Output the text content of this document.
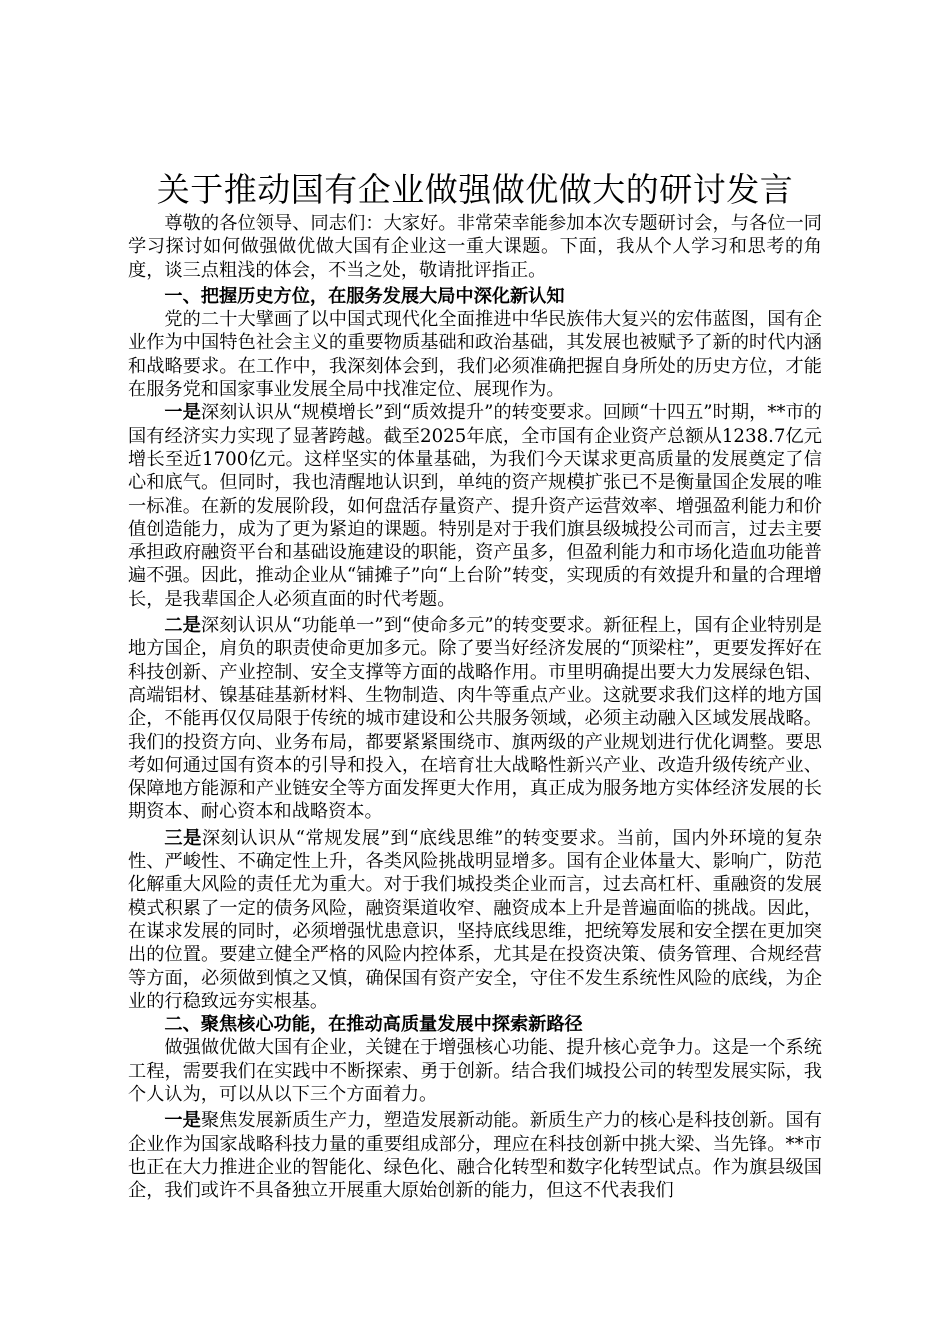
关于推动国有企业做强做优做大的研讨发言

尊敬的各位领导、同志们：大家好。非常荣幸能参加本次专题研讨会，与各位一同学习探讨如何做强做优做大国有企业这一重大课题。下面，我从个人学习和思考的角度，谈三点粗浅的体会，不当之处，敬请批评指正。

一、把握历史方位，在服务发展大局中深化新认知

党的二十大擘画了以中国式现代化全面推进中华民族伟大复兴的宏伟蓝图，国有企业作为中国特色社会主义的重要物质基础和政治基础，其发展也被赋予了新的时代内涵和战略要求。在工作中，我深刻体会到，我们必须准确把握自身所处的历史方位，才能在服务党和国家事业发展全局中找准定位、展现作为。

一是深刻认识从“规模增长”到“质效提升”的转变要求。回顾“十四五”时期，**市的国有经济实力实现了显著跨越。截至2025年底，全市国有企业资产总额从1238.7亿元增长至近1700亿元。这样坚实的体量基础，为我们今天谋求更高质量的发展奠定了信心和底气。但同时，我也清醒地认识到，单纯的资产规模扩张已不是衡量国企发展的唯一标准。在新的发展阶段，如何盘活存量资产、提升资产运营效率、增强盈利能力和价值创造能力，成为了更为紧迫的课题。特别是对于我们旗县级城投公司而言，过去主要承担政府融资平台和基础设施建设的职能，资产虽多，但盈利能力和市场化造血功能普遍不强。因此，推动企业从“铺摊子”向“上台阶”转变，实现质的有效提升和量的合理增长，是我辈国企人必须直面的时代考题。

二是深刻认识从“功能单一”到“使命多元”的转变要求。新征程上，国有企业特别是地方国企，肩负的职责使命更加多元。除了要当好经济发展的“顶梁柱”，更要发挥好在科技创新、产业控制、安全支撑等方面的战略作用。市里明确提出要大力发展绿色铝、高端铝材、镍基硅基新材料、生物制造、肉牛等重点产业。这就要求我们这样的地方国企，不能再仅仅局限于传统的城市建设和公共服务领域，必须主动融入区域发展战略。我们的投资方向、业务布局，都要紧紧围绕市、旗两级的产业规划进行优化调整。要思考如何通过国有资本的引导和投入，在培育壮大战略性新兴产业、改造升级传统产业、保障地方能源和产业链安全等方面发挥更大作用，真正成为服务地方实体经济发展的长期资本、耐心资本和战略资本。

三是深刻认识从“常规发展”到“底线思维”的转变要求。当前，国内外环境的复杂性、严峻性、不确定性上升，各类风险挑战明显增多。国有企业体量大、影响广，防范化解重大风险的责任尤为重大。对于我们城投类企业而言，过去高杠杆、重融资的发展模式积累了一定的债务风险，融资渠道收窄、融资成本上升是普遍面临的挑战。因此，在谋求发展的同时，必须增强忧患意识，坚持底线思维，把统筹发展和安全摆在更加突出的位置。要建立健全严格的风险内控体系，尤其是在投资决策、债务管理、合规经营等方面，必须做到慎之又慎，确保国有资产安全，守住不发生系统性风险的底线，为企业的行稳致远夯实根基。

二、聚焦核心功能，在推动高质量发展中探索新路径

做强做优做大国有企业，关键在于增强核心功能、提升核心竞争力。这是一个系统工程，需要我们在实践中不断探索、勇于创新。结合我们城投公司的转型发展实际，我个人认为，可以从以下三个方面着力。

一是聚焦发展新质生产力，塑造发展新动能。新质生产力的核心是科技创新。国有企业作为国家战略科技力量的重要组成部分，理应在科技创新中挑大梁、当先锋。**市也正在大力推进企业的智能化、绿色化、融合化转型和数字化转型试点。作为旗县级国企，我们或许不具备独立开展重大原始创新的能力，但这不代表我们
